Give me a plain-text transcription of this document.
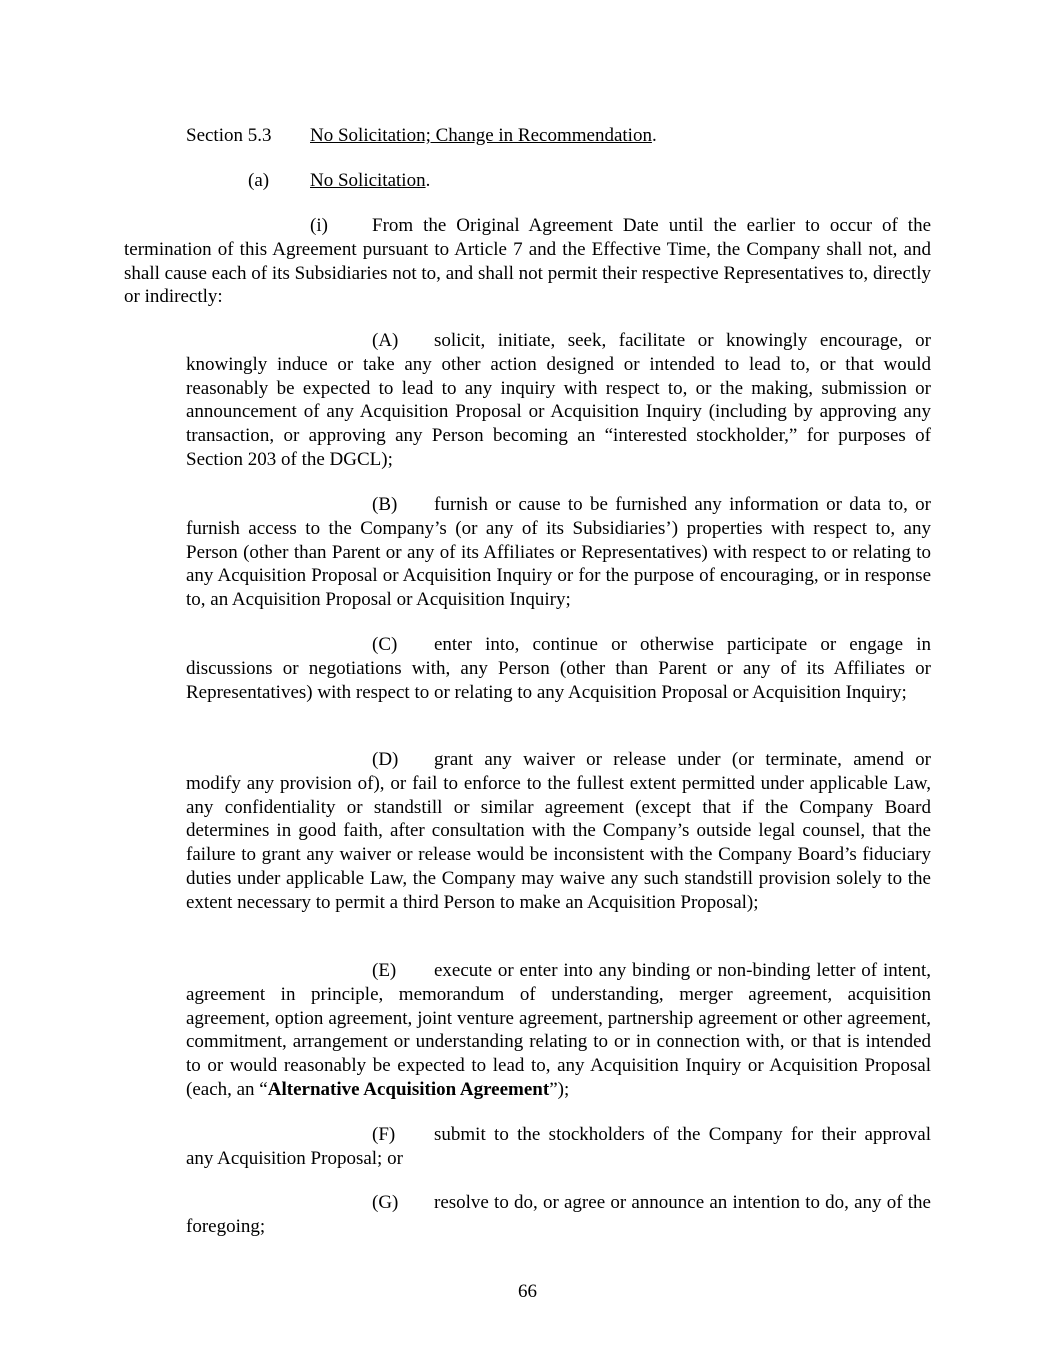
Section 5.3 No Solicitation; Change in Recommendation.
(a) No Solicitation.

(i) From the Original Agreement Date until the earlier to occur of the termination of this Agreement pursuant to Article 7 and the Effective Time, the Company shall not, and shall cause each of its Subsidiaries not to, and shall not permit their respective Representatives to, directly or indirectly:

(A) solicit, initiate, seek, facilitate or knowingly encourage, or knowingly induce or take any other action designed or intended to lead to, or that would reasonably be expected to lead to any inquiry with respect to, or the making, submission or announcement of any Acquisition Proposal or Acquisition Inquiry (including by approving any transaction, or approving any Person becoming an “interested stockholder,” for purposes of Section 203 of the DGCL);

(B) furnish or cause to be furnished any information or data to, or furnish access to the Company’s (or any of its Subsidiaries’) properties with respect to, any Person (other than Parent or any of its Affiliates or Representatives) with respect to or relating to any Acquisition Proposal or Acquisition Inquiry or for the purpose of encouraging, or in response to, an Acquisition Proposal or Acquisition Inquiry;

(C) enter into, continue or otherwise participate or engage in discussions or negotiations with, any Person (other than Parent or any of its Affiliates or Representatives) with respect to or relating to any Acquisition Proposal or Acquisition Inquiry;

(D) grant any waiver or release under (or terminate, amend or modify any provision of), or fail to enforce to the fullest extent permitted under applicable Law, any confidentiality or standstill or similar agreement (except that if the Company Board determines in good faith, after consultation with the Company’s outside legal counsel, that the failure to grant any waiver or release would be inconsistent with the Company Board’s fiduciary duties under applicable Law, the Company may waive any such standstill provision solely to the extent necessary to permit a third Person to make an Acquisition Proposal);

(E) execute or enter into any binding or non-binding letter of intent, agreement in principle, memorandum of understanding, merger agreement, acquisition agreement, option agreement, joint venture agreement, partnership agreement or other agreement, commitment, arrangement or understanding relating to or in connection with, or that is intended to or would reasonably be expected to lead to, any Acquisition Inquiry or Acquisition Proposal (each, an “Alternative Acquisition Agreement”);

(F) submit to the stockholders of the Company for their approval any Acquisition Proposal; or

(G) resolve to do, or agree or announce an intention to do, any of the foregoing;

66
